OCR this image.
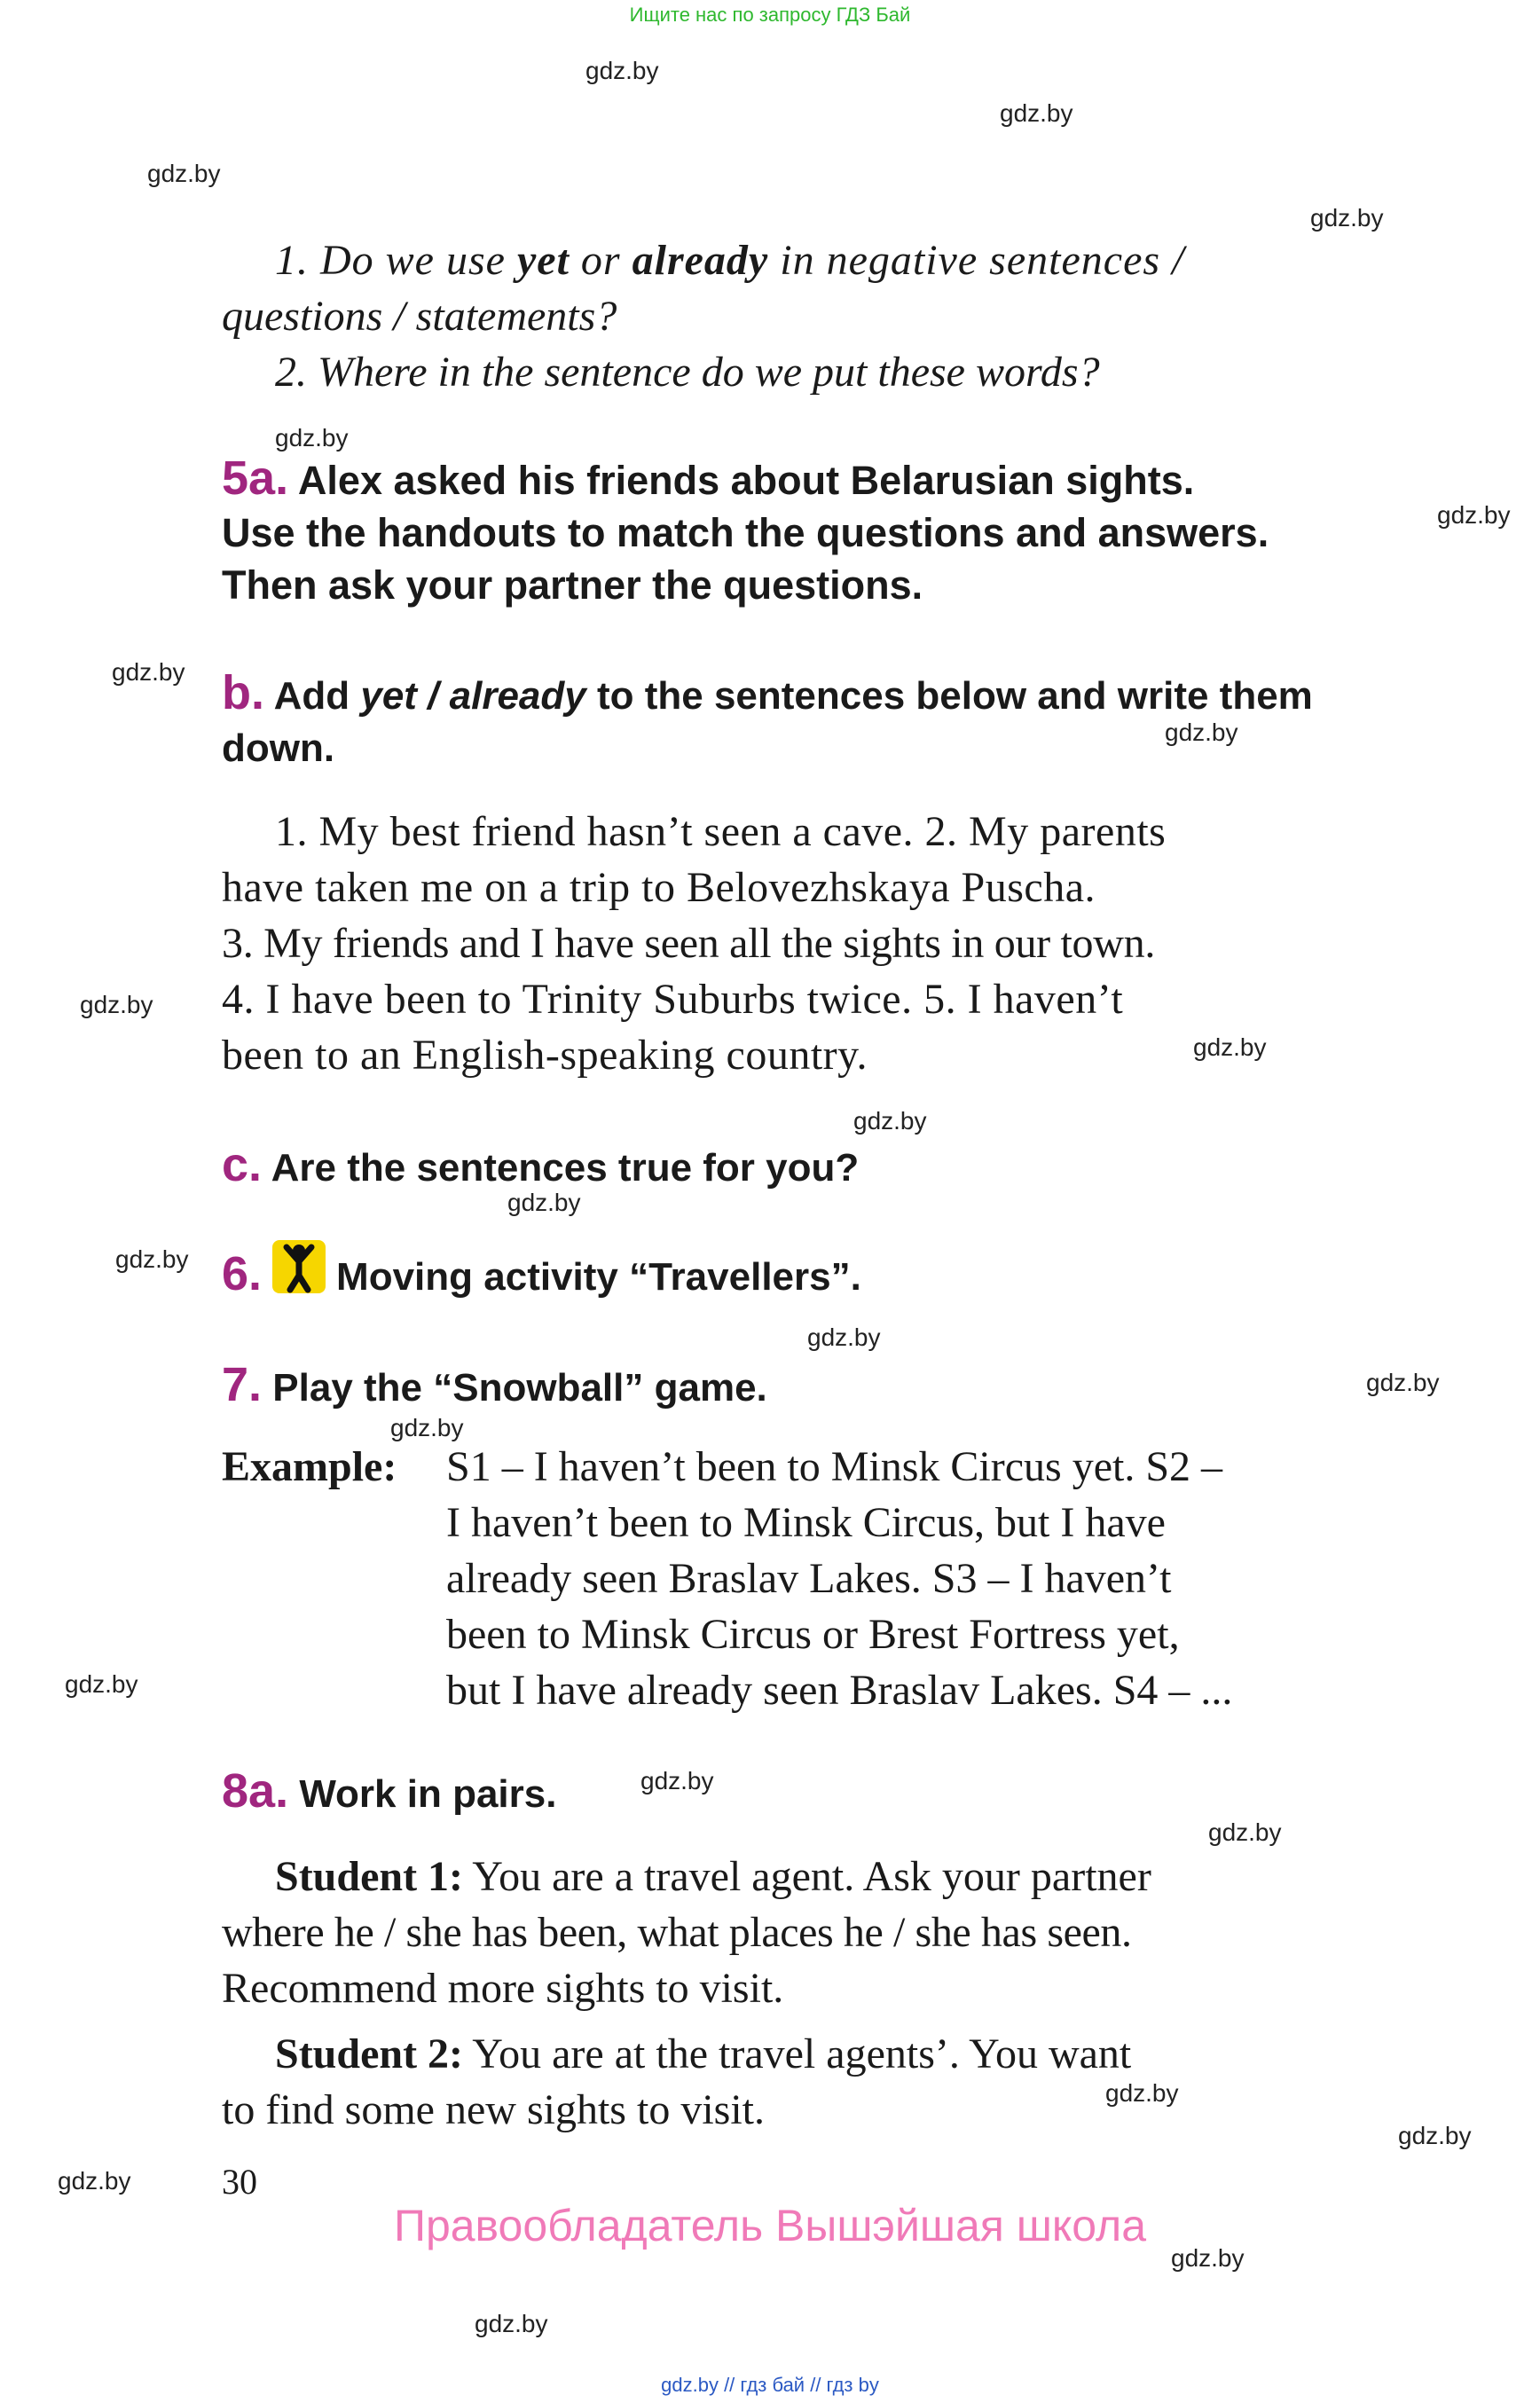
Ищите нас по запросу ГДЗ Бай
gdz.by
gdz.by
gdz.by
gdz.by
gdz.by
gdz.by
gdz.by
gdz.by
gdz.by
gdz.by
gdz.by
gdz.by
gdz.by
gdz.by
gdz.by
gdz.by
gdz.by
gdz.by
gdz.by
gdz.by
gdz.by
gdz.by
gdz.by
gdz.by
1. Do we use yet or already in negative sentences /
questions / statements?
2. Where in the sentence do we put these words?
5a. Alex asked his friends about Belarusian sights.
Use the handouts to match the questions and answers.
Then ask your partner the questions.
b. Add yet / already to the sentences below and write them
down.
1. My best friend hasn’t seen a cave. 2. My parents
have taken me on a trip to Belovezhskaya Puscha.
3. My friends and I have seen all the sights in our town.
4. I have been to Trinity Suburbs twice. 5. I haven’t
been to an English-speaking country.
c. Are the sentences true for you?
6. Moving activity “Travellers”.
7. Play the “Snowball” game.
Example: S1 – I haven’t been to Minsk Circus yet. S2 –
I haven’t been to Minsk Circus, but I have
already seen Braslav Lakes. S3 – I haven’t
been to Minsk Circus or Brest Fortress yet,
but I have already seen Braslav Lakes. S4 – ...
8a. Work in pairs.
Student 1: You are a travel agent. Ask your partner
where he / she has been, what places he / she has seen.
Recommend more sights to visit.
Student 2: You are at the travel agents’. You want
to find some new sights to visit.
30
Правообладатель Вышэйшая школа
gdz.by // гдз бай // гдз by
